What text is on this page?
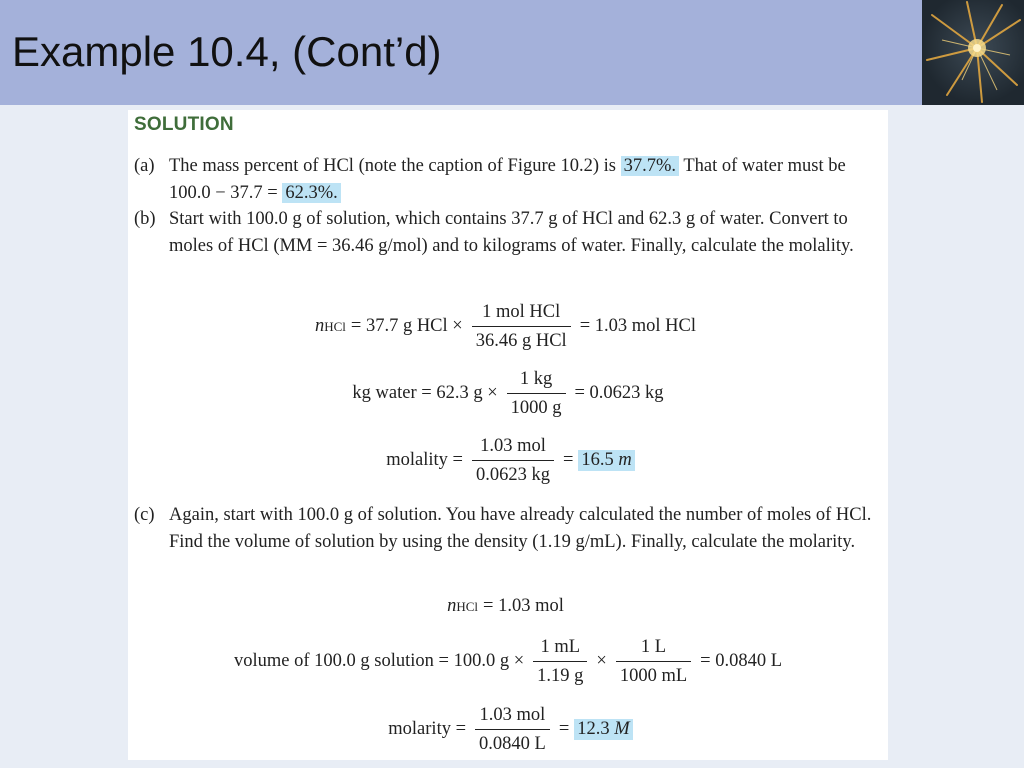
Example 10.4, (Cont’d)
SOLUTION
(a) The mass percent of HCl (note the caption of Figure 10.2) is 37.7%. That of water must be 100.0 − 37.7 = 62.3%.
(b) Start with 100.0 g of solution, which contains 37.7 g of HCl and 62.3 g of water. Convert to moles of HCl (MM = 36.46 g/mol) and to kilograms of water. Finally, calculate the molality.
n HCl = 37.7 g HCl × $\frac{\text{1 mol HCl}}{\text{36.46 g HCl}} = 1.03$ mol HCl
kg water = 62.3 $g \times \frac{1 kg}{1000 g} = 0.0623$ kg
molality = $\frac{\text{1.03 mol}}{0.0623 kg} = 16.5$ m
(c) Again, start with 100.0 g of solution. You have already calculated the number of moles of HCl. Find the volume of solution by using the density (1.19 g/mL). Finally, calculate the molarity.
n HCl = 1.03 mol
volume of 100.0 g solution = 100.0 $g \times \frac{1 mL}{1.19 g} \times \frac{1 L}{1000 mL} = 0.0840$ L
molarity = $\frac{\text{1.03 mol}}{0.0840 L} = 12.3$ M
